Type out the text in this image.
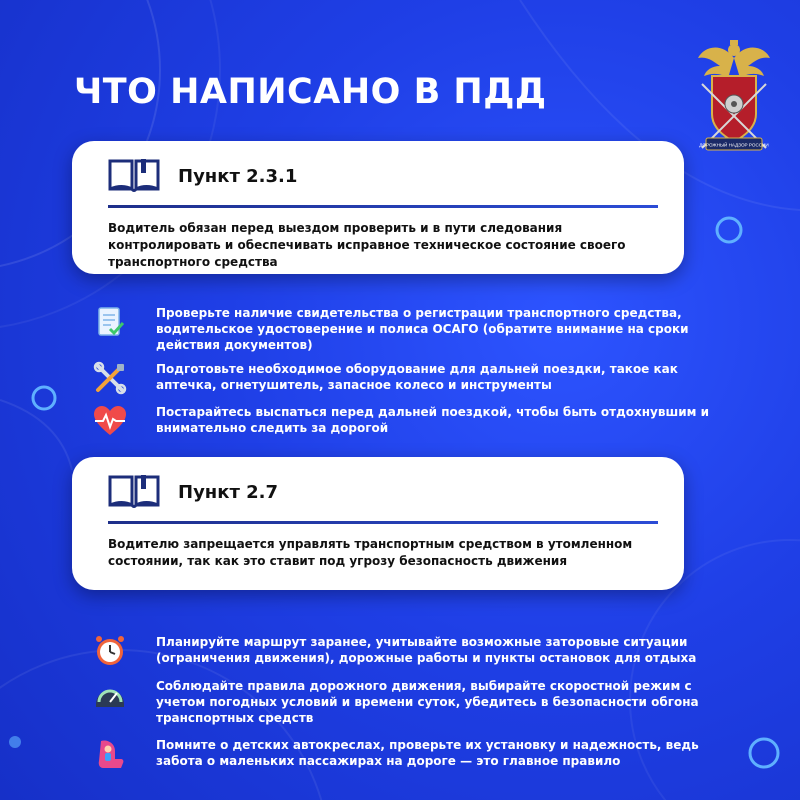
ЧТО НАПИСАНО В ПДД
ДОРОЖНЫЙ НАДЗОР РОССИИ
Пункт 2.3.1
Водитель обязан перед выездом проверить и в пути следования контролировать и обеспечивать исправное техническое состояние своего транспортного средства
Проверьте наличие свидетельства о регистрации транспортного средства, водительское удостоверение и полиса ОСАГО (обратите внимание на сроки действия документов)
Подготовьте необходимое оборудование для дальней поездки, такое как аптечка, огнетушитель, запасное колесо и инструменты
Постарайтесь выспаться перед дальней поездкой, чтобы быть отдохнувшим и внимательно следить за дорогой
Пункт 2.7
Водителю запрещается управлять транспортным средством в утомленном состоянии, так как это ставит под угрозу безопасность движения
Планируйте маршрут заранее, учитывайте возможные заторовые ситуации (ограничения движения), дорожные работы и пункты остановок для отдыха
Соблюдайте правила дорожного движения, выбирайте скоростной режим с учетом погодных условий и времени суток, убедитесь в безопасности обгона транспортных средств
Помните о детских автокреслах, проверьте их установку и надежность, ведь забота о маленьких пассажирах на дороге — это главное правило
